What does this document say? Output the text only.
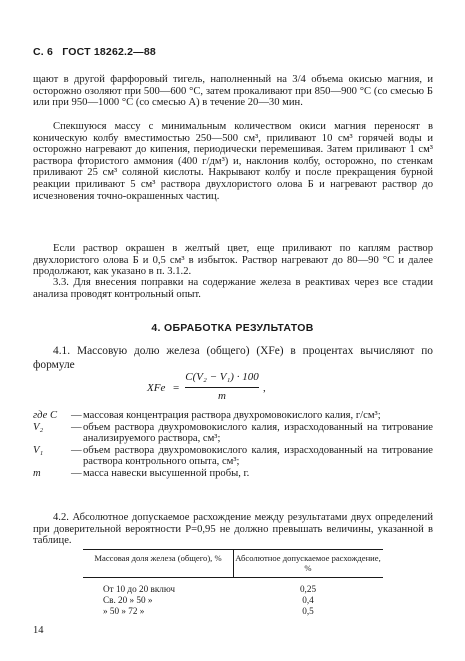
С. 6 ГОСТ 18262.2—88

щают в другой фарфоровый тигель, наполненный на 3/4 объема окисью магния, и осторожно озоляют при 500—600 °С, затем прокаливают при 850—900 °С (со смесью Б или при 950—1000 °С (со смесью А) в течение 20—30 мин.

Спекшуюся массу с минимальным количеством окиси магния переносят в коническую колбу вместимостью 250—500 см³, приливают 10 см³ горячей воды и осторожно нагревают до кипения, периодически перемешивая. Затем приливают 1 см³ раствора фтористого аммония (400 г/дм³) и, наклонив колбу, осторожно, по стенкам приливают 25 см³ соляной кислоты. Накрывают колбу и после прекращения бурной реакции приливают 5 см³ раствора двухлористого олова Б и нагревают раствор до исчезновения точно-окрашенных частиц.

Если раствор окрашен в желтый цвет, еще приливают по каплям раствор двухлористого олова Б и 0,5 см³ в избыток. Раствор нагревают до 80—90 °С и далее продолжают, как указано в п. 3.1.2.

3.3. Для внесения поправки на содержание железа в реактивах через все стадии анализа проводят контрольный опыт.

4. ОБРАБОТКА РЕЗУЛЬТАТОВ

4.1. Массовую долю железа (общего) (XFe) в процентах вычисляют по формуле

XFe =
C(V₂ − V₁) · 100
m
,
где C	— массовая концентрация раствора двухромовокислого калия, г/см³;
V₂	— объем раствора двухромовокислого калия, израсходованный на титрование анализируемого раствора, см³;
V₁	— объем раствора двухромовокислого калия, израсходованный на титрование раствора контрольного опыта, см³;
m	— масса навески высушенной пробы, г.

4.2. Абсолютное допускаемое расхождение между результатами двух определений при доверительной вероятности P=0,95 не должно превышать величины, указанной в таблице.

Массовая доля железа (общего), %	Абсолютное допускаемое расхождение, %
От 10 до 20 включ	0,25
Св. 20 » 50 »	0,4
» 50 » 72 »	0,5
14
